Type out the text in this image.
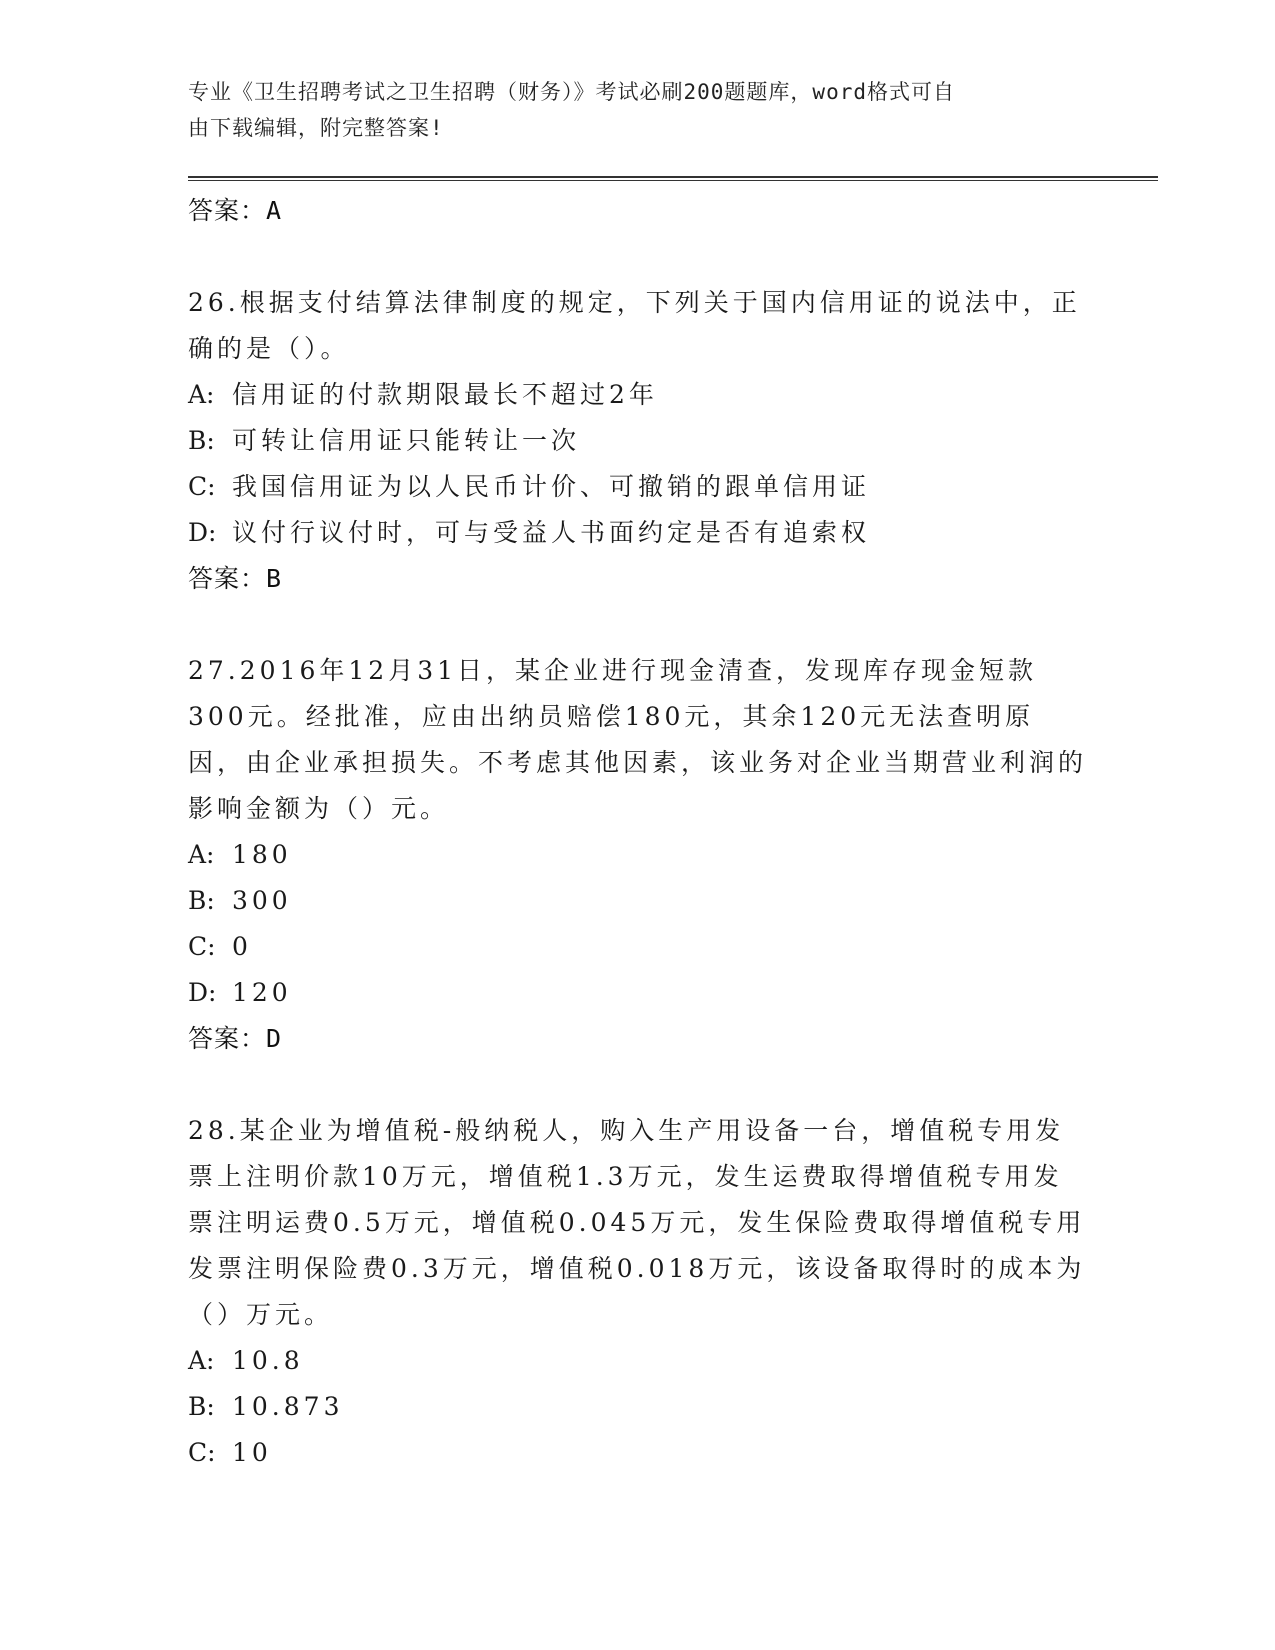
专业《卫生招聘考试之卫生招聘（财务）》考试必刷200题题库，word格式可自
由下载编辑，附完整答案!

答案：A

26.根据支付结算法律制度的规定，下列关于国内信用证的说法中，正确的是（）。

A: 信用证的付款期限最长不超过2年

B: 可转让信用证只能转让一次

C: 我国信用证为以人民币计价、可撤销的跟单信用证

D: 议付行议付时，可与受益人书面约定是否有追索权

答案：B

27.2016年12月31日，某企业进行现金清查，发现库存现金短款300元。经批准，应由出纳员赔偿180元，其余120元无法查明原因，由企业承担损失。不考虑其他因素，该业务对企业当期营业利润的影响金额为（）元。

A: 180

B: 300

C: 0

D: 120

答案：D

28.某企业为增值税-般纳税人，购入生产用设备一台，增值税专用发票上注明价款10万元，增值税1.3万元，发生运费取得增值税专用发票注明运费0.5万元，增值税0.045万元，发生保险费取得增值税专用发票注明保险费0.3万元，增值税0.018万元，该设备取得时的成本为（）万元。

A: 10.8

B: 10.873

C: 10
